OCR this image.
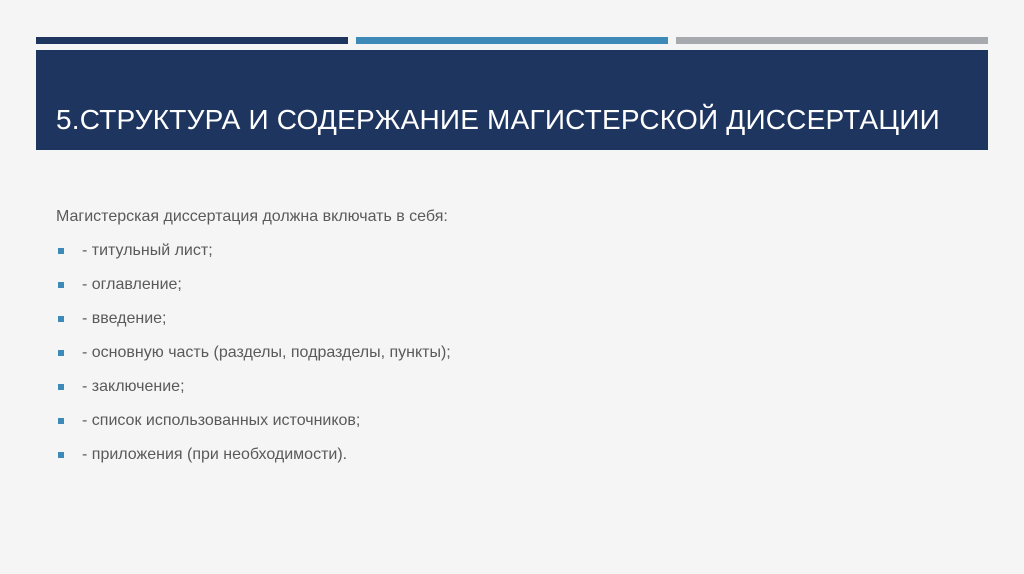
5.СТРУКТУРА И СОДЕРЖАНИЕ МАГИСТЕРСКОЙ ДИССЕРТАЦИИ

Магистерская диссертация должна включать в себя:

- титульный лист;
- оглавление;
- введение;
- основную часть (разделы, подразделы, пункты);
- заключение;
- список использованных источников;
- приложения (при необходимости).
